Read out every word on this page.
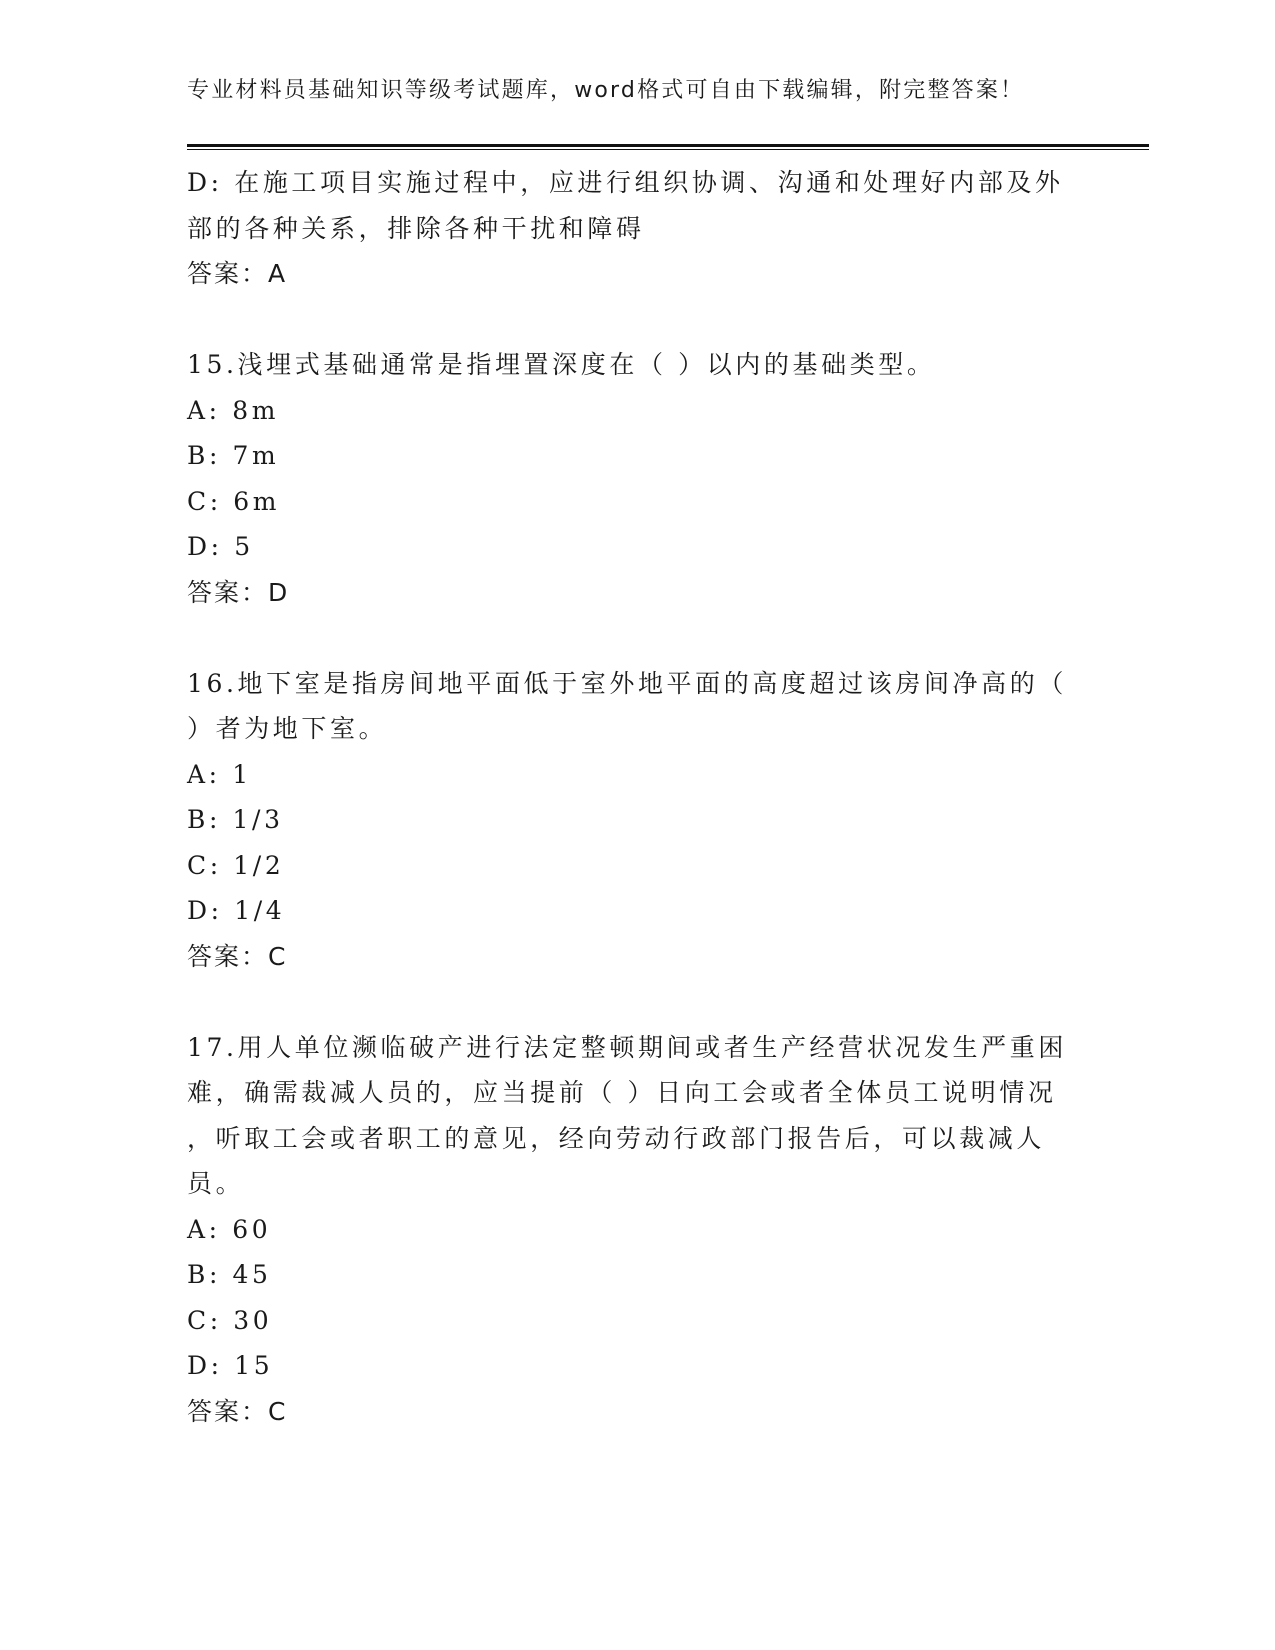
专业材料员基础知识等级考试题库，word格式可自由下载编辑，附完整答案！
D: 在施工项目实施过程中，应进行组织协调、沟通和处理好内部及外
部的各种关系，排除各种干扰和障碍
答案：A
15.浅埋式基础通常是指埋置深度在（ ）以内的基础类型。
A: 8m
B: 7m
C: 6m
D: 5
答案：D
16.地下室是指房间地平面低于室外地平面的高度超过该房间净高的（
）者为地下室。
A: 1
B: 1/3
C: 1/2
D: 1/4
答案：C
17.用人单位濒临破产进行法定整顿期间或者生产经营状况发生严重困
难，确需裁减人员的，应当提前（ ）日向工会或者全体员工说明情况
，听取工会或者职工的意见，经向劳动行政部门报告后，可以裁减人
员。
A: 60
B: 45
C: 30
D: 15
答案：C
